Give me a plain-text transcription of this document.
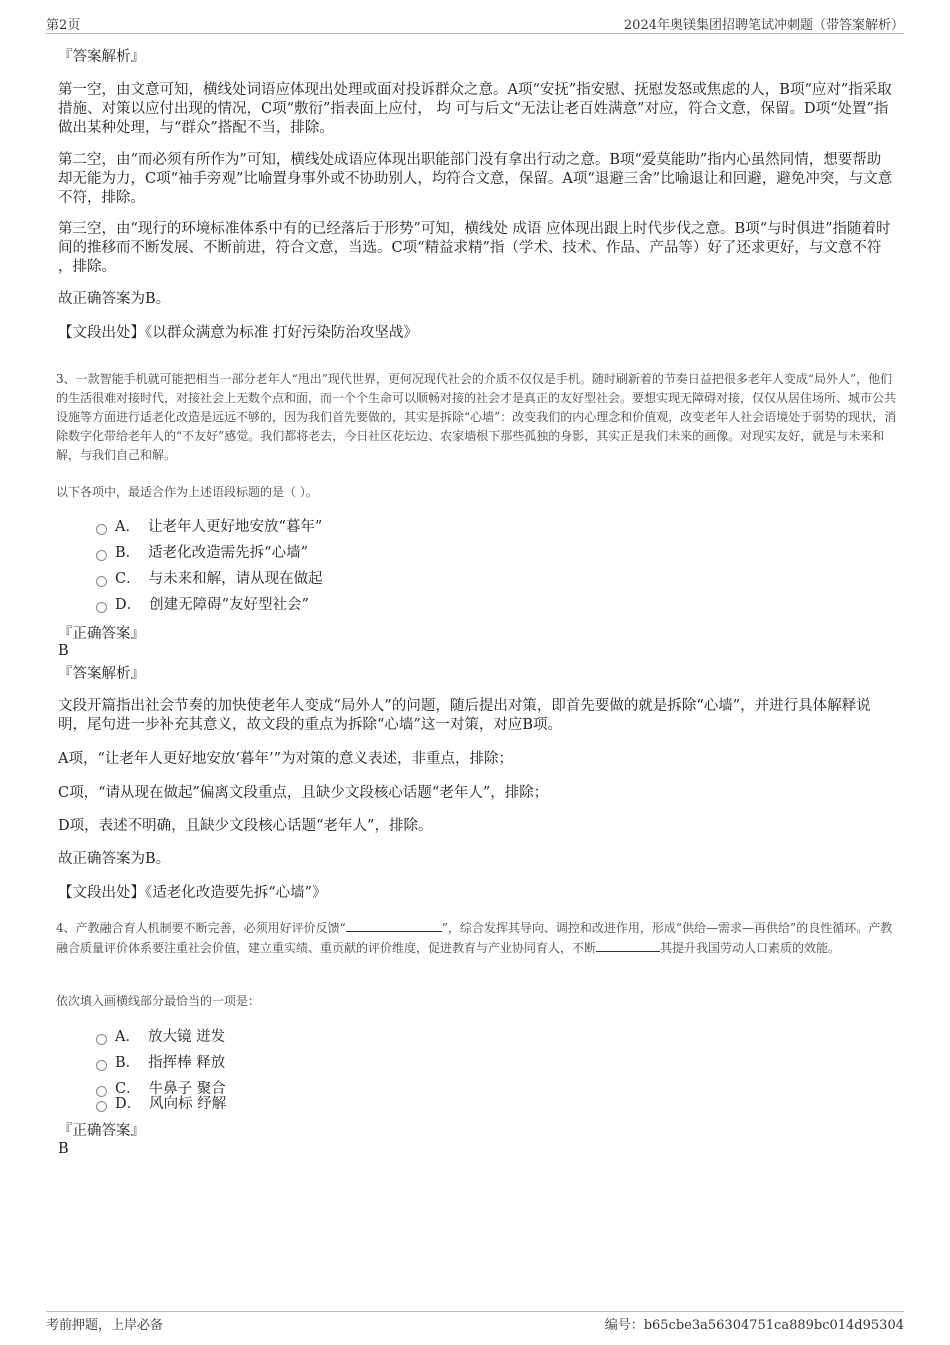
第2页	2024年奥镁集团招聘笔试冲刺题（带答案解析）

『答案解析』

第一空，由文意可知，横线处词语应体现出处理或面对投诉群众之意。A项“安抚”指安慰、抚慰发怒或焦虑的人，B项“应对”指采取措施、对策以应付出现的情况，C项“敷衍”指表面上应付， 均 可与后文“无法让老百姓满意”对应，符合文意，保留。D项“处置”指做出某种处理，与“群众”搭配不当，排除。

第二空，由“而必须有所作为”可知，横线处成语应体现出职能部门没有拿出行动之意。B项“爱莫能助”指内心虽然同情，想要帮助却无能为力，C项“袖手旁观”比喻置身事外或不协助别人，均符合文意，保留。A项“退避三舍”比喻退让和回避，避免冲突，与文意不符，排除。

第三空，由“现行的环境标准体系中有的已经落后于形势”可知，横线处 成语 应体现出跟上时代步伐之意。B项“与时俱进”指随着时间的推移而不断发展、不断前进，符合文意，当选。C项“精益求精”指（学术、技术、作品、产品等）好了还求更好，与文意不符 ，排除。

故正确答案为B。

【文段出处】《以群众满意为标准 打好污染防治攻坚战》

3、一款智能手机就可能把相当一部分老年人“甩出”现代世界，更何况现代社会的介质不仅仅是手机。随时刷新着的节奏日益把很多老年人变成“局外人”，他们的生活很难对接时代，对接社会上无数个点和面，而一个个生命可以顺畅对接的社会才是真正的友好型社会。要想实现无障碍对接，仅仅从居住场所、城市公共设施等方面进行适老化改造是远远不够的，因为我们首先要做的，其实是拆除“心墙”：改变我们的内心理念和价值观，改变老年人社会语境处于弱势的现状，消除数字化带给老年人的“不友好”感觉。我们都将老去，今日社区花坛边、农家墙根下那些孤独的身影，其实正是我们未来的画像。对现实友好，就是与未来和解，与我们自己和解。

以下各项中，最适合作为上述语段标题的是（ ）。

A． 让老年人更好地安放“暮年”
B． 适老化改造需先拆“心墙”
C． 与未来和解，请从现在做起
D． 创建无障碍“友好型社会”

『正确答案』

B

『答案解析』

文段开篇指出社会节奏的加快使老年人变成“局外人”的问题，随后提出对策，即首先要做的就是拆除“心墙”，并进行具体解释说明，尾句进一步补充其意义，故文段的重点为拆除“心墙”这一对策，对应B项。

A项，“让老年人更好地安放‘暮年’”为对策的意义表述，非重点，排除；

C项，“请从现在做起”偏离文段重点，且缺少文段核心话题“老年人”，排除；

D项，表述不明确，且缺少文段核心话题“老年人”，排除。

故正确答案为B。

【文段出处】《适老化改造要先拆“心墙”》

4、产教融合育人机制要不断完善，必须用好评价反馈“	”，综合发挥其导向、调控和改进作用，形成“供给—需求—再供给”的良性循环。产教融合质量评价体系要注重社会价值，建立重实绩、重贡献的评价维度，促进教育与产业协同育人，不断	其提升我国劳动人口素质的效能。

依次填入画横线部分最恰当的一项是：

A． 放大镜 迸发
B． 指挥棒 释放
C． 牛鼻子 聚合
D． 风向标 纾解

『正确答案』

B

考前押题，上岸必备	编号：b65cbe3a56304751ca889bc014d95304
